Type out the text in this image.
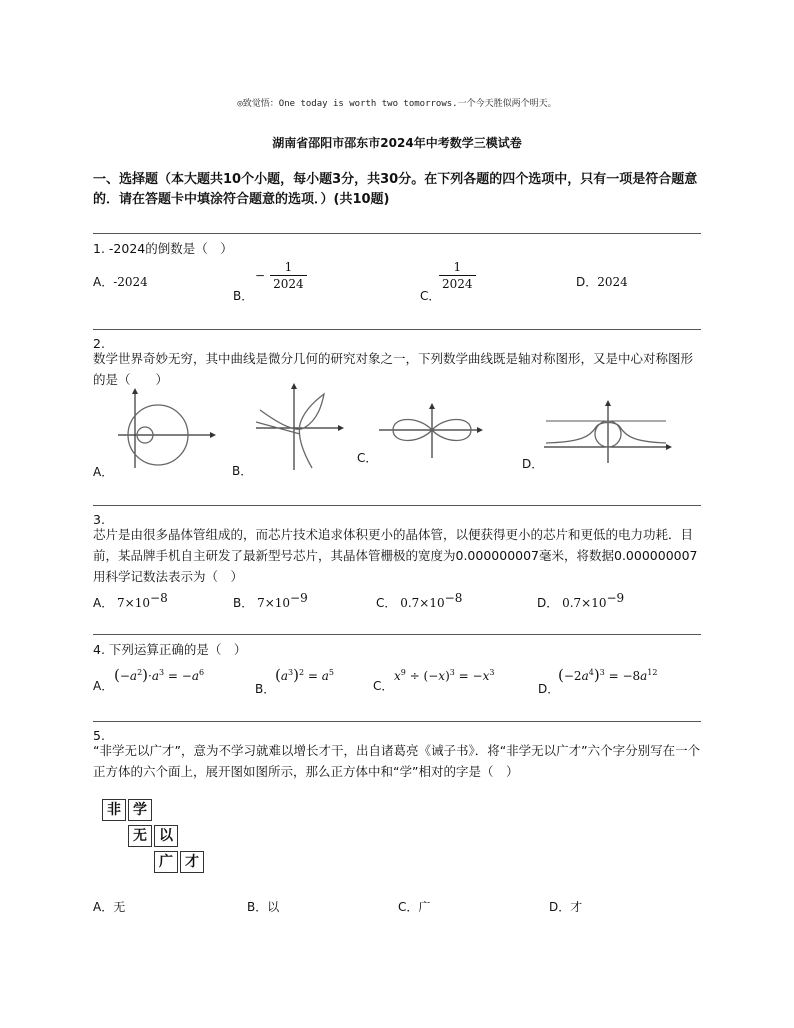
◎致觉悟：One today is worth two tomorrows.一个今天胜似两个明天。
湖南省邵阳市邵东市2024年中考数学三模试卷
一、选择题（本大题共10个小题，每小题3分，共30分。在下列各题的四个选项中，只有一项是符合题意的．请在答题卡中填涂符合题意的选项．）(共10题)
1. -2024的倒数是（　）
A．-2024
B．
− $\frac{1}{2024}$
C．
$\frac{1}{2024}$	D．2024
2.
数学世界奇妙无穷，其中曲线是微分几何的研究对象之一，下列数学曲线既是轴对称图形，又是中心对称图形的是（　　）
A．	B．
C．	D．
3.
芯片是由很多晶体管组成的，而芯片技术追求体积更小的晶体管，以便获得更小的芯片和更低的电力功耗．目前，某品牌手机自主研发了最新型号芯片，其晶体管栅极的宽度为0.000000007毫米，将数据0.000000007用科学记数法表示为（　）
A． $7\times 10^{-8}$	B． $7\times 10^{-9}$	C． $0.7\times 10^{-8}$	D． $0.7\times 10^{-9}$
4. 下列运算正确的是（　）
A．
$(-a^2)\cdot a^3 = -a^6$
B．
$(a^3)^2 = a^5$
C．
$x^9 \div (-x)^3 = -x^3$
D．
$(-2a^4)^3 = -8a^{12}$
5.
“非学无以广才”，意为不学习就难以增长才干，出自诸葛亮《诫子书》．将“非学无以广才”六个字分别写在一个正方体的六个面上，展开图如图所示，那么正方体中和“学”相对的字是（　）
非 学
无 以
广 才
A．无	B．以	C．广	D．才
